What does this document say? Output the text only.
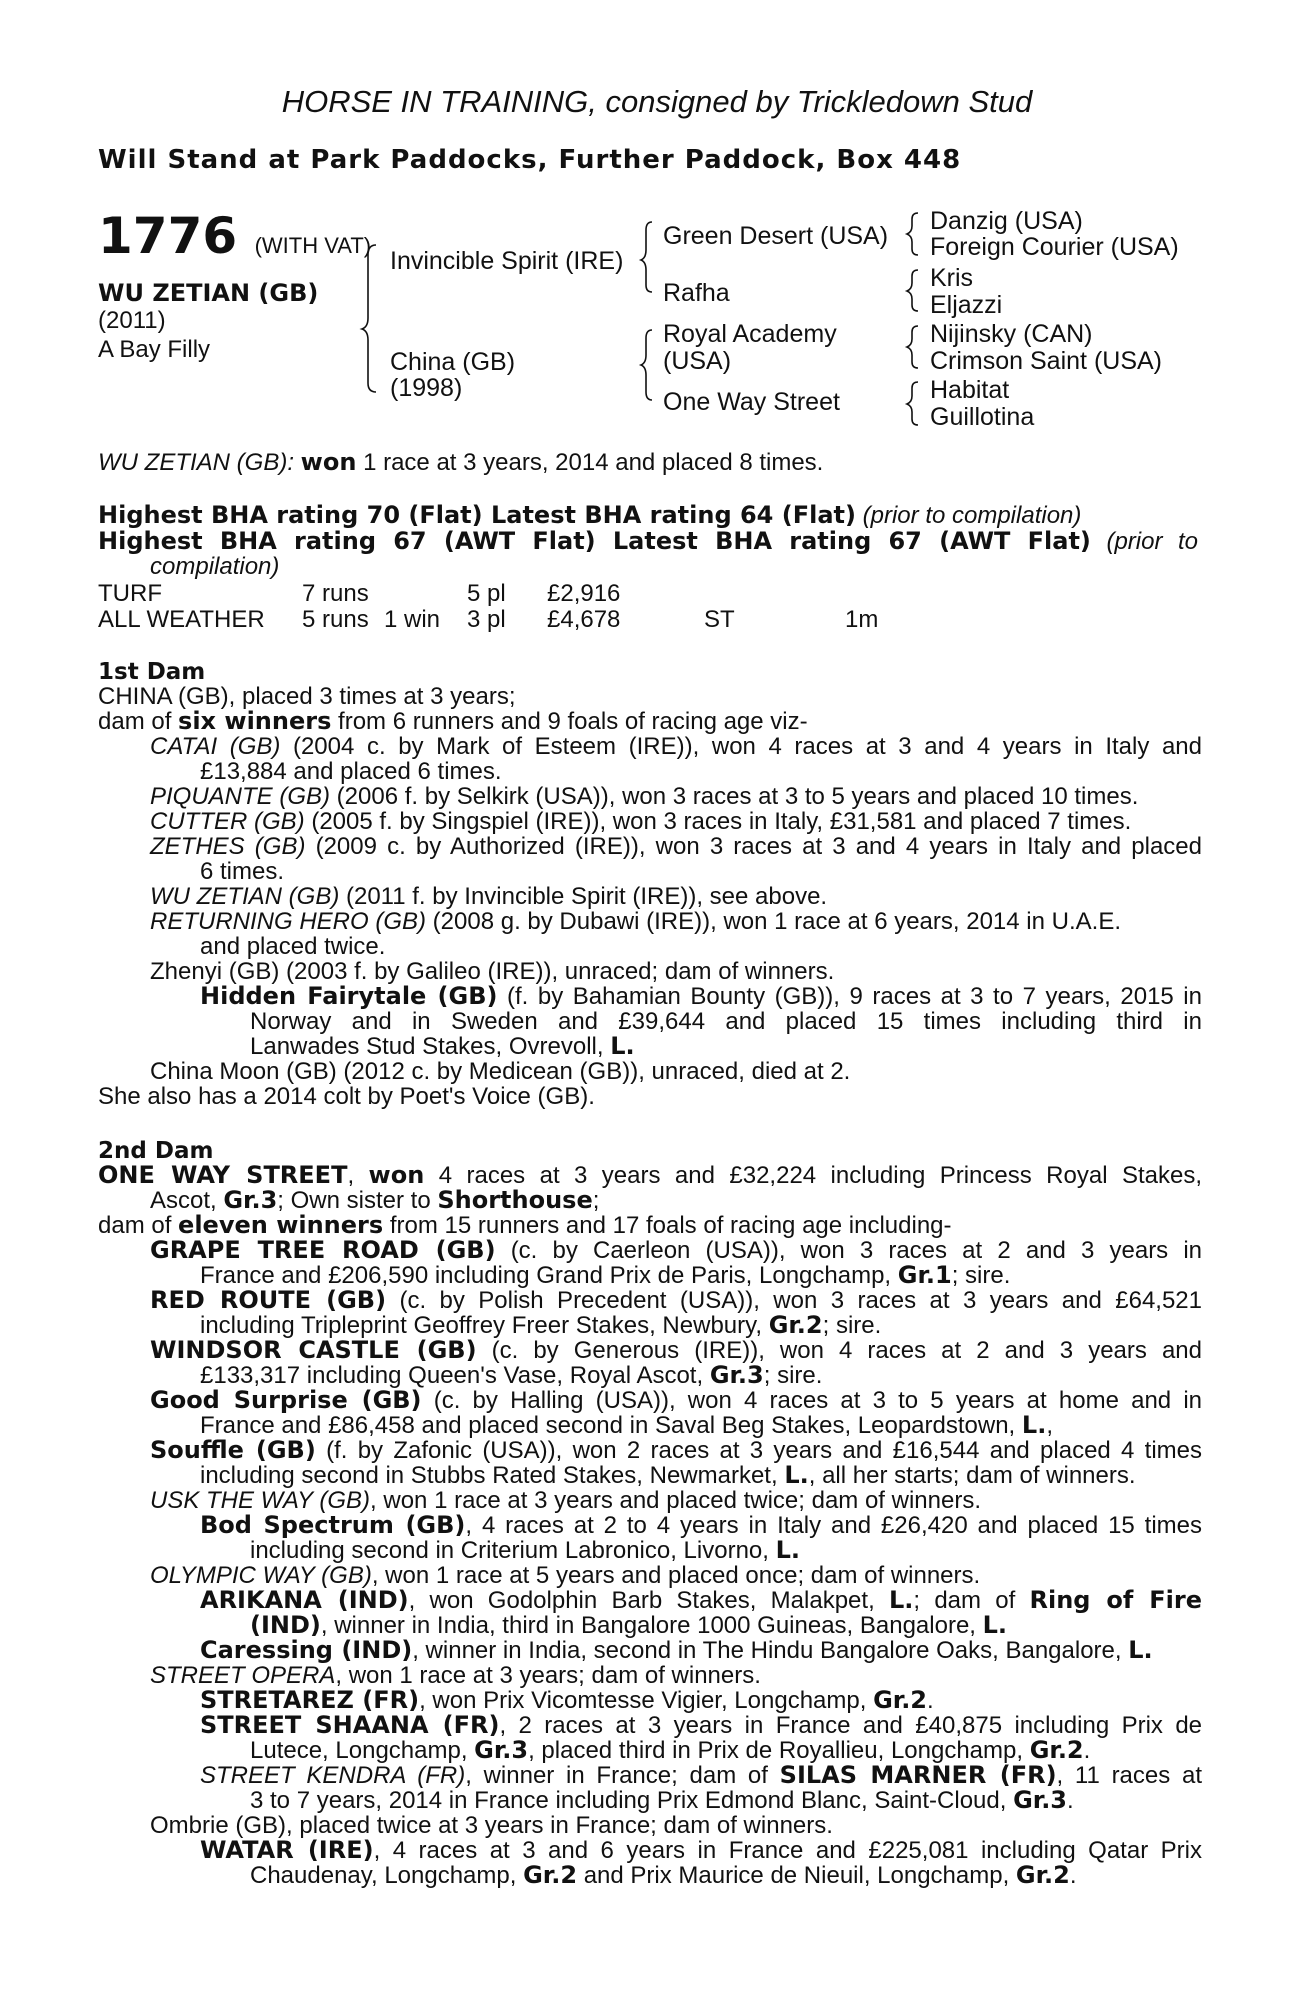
HORSE IN TRAINING, consigned by Trickledown Stud
Will Stand at Park Paddocks, Further Paddock, Box 448
1776 (WITH VAT)
WU ZETIAN (GB)
(2011)
A Bay Filly
Invincible Spirit (IRE)
China (GB)
(1998)
Green Desert (USA)
Rafha
Royal Academy
(USA)
One Way Street
Danzig (USA)
Foreign Courier (USA)
Kris
Eljazzi
Nijinsky (CAN)
Crimson Saint (USA)
Habitat
Guillotina
WU ZETIAN (GB): won 1 race at 3 years, 2014 and placed 8 times.
Highest BHA rating 70 (Flat) Latest BHA rating 64 (Flat) (prior to compilation)
Highest BHA rating 67 (AWT Flat) Latest BHA rating 67 (AWT Flat) (prior to
compilation)
TURF	7 runs	5 pl £2,916
ALL WEATHER 5 runs 1 win 3 pl £4,678	ST	1m
1st Dam
CHINA (GB), placed 3 times at 3 years;
dam of six winners from 6 runners and 9 foals of racing age viz-
CATAI (GB) (2004 c. by Mark of Esteem (IRE)), won 4 races at 3 and 4 years in Italy and
£13,884 and placed 6 times.
PIQUANTE (GB) (2006 f. by Selkirk (USA)), won 3 races at 3 to 5 years and placed 10 times.
CUTTER (GB) (2005 f. by Singspiel (IRE)), won 3 races in Italy, £31,581 and placed 7 times.
ZETHES (GB) (2009 c. by Authorized (IRE)), won 3 races at 3 and 4 years in Italy and placed
6 times.
WU ZETIAN (GB) (2011 f. by Invincible Spirit (IRE)), see above.
RETURNING HERO (GB) (2008 g. by Dubawi (IRE)), won 1 race at 6 years, 2014 in U.A.E.
and placed twice.
Zhenyi (GB) (2003 f. by Galileo (IRE)), unraced; dam of winners.
Hidden Fairytale (GB) (f. by Bahamian Bounty (GB)), 9 races at 3 to 7 years, 2015 in
Norway and in Sweden and £39,644 and placed 15 times including third in
Lanwades Stud Stakes, Ovrevoll, L.
China Moon (GB) (2012 c. by Medicean (GB)), unraced, died at 2.
She also has a 2014 colt by Poet's Voice (GB).
2nd Dam
ONE WAY STREET, won 4 races at 3 years and £32,224 including Princess Royal Stakes,
Ascot, Gr.3; Own sister to Shorthouse;
dam of eleven winners from 15 runners and 17 foals of racing age including-
GRAPE TREE ROAD (GB) (c. by Caerleon (USA)), won 3 races at 2 and 3 years in
France and £206,590 including Grand Prix de Paris, Longchamp, Gr.1; sire.
RED ROUTE (GB) (c. by Polish Precedent (USA)), won 3 races at 3 years and £64,521
including Tripleprint Geoffrey Freer Stakes, Newbury, Gr.2; sire.
WINDSOR CASTLE (GB) (c. by Generous (IRE)), won 4 races at 2 and 3 years and
£133,317 including Queen's Vase, Royal Ascot, Gr.3; sire.
Good Surprise (GB) (c. by Halling (USA)), won 4 races at 3 to 5 years at home and in
France and £86,458 and placed second in Saval Beg Stakes, Leopardstown, L.,
Souffle (GB) (f. by Zafonic (USA)), won 2 races at 3 years and £16,544 and placed 4 times
including second in Stubbs Rated Stakes, Newmarket, L., all her starts; dam of winners.
USK THE WAY (GB), won 1 race at 3 years and placed twice; dam of winners.
Bod Spectrum (GB), 4 races at 2 to 4 years in Italy and £26,420 and placed 15 times
including second in Criterium Labronico, Livorno, L.
OLYMPIC WAY (GB), won 1 race at 5 years and placed once; dam of winners.
ARIKANA (IND), won Godolphin Barb Stakes, Malakpet, L.; dam of Ring of Fire
(IND), winner in India, third in Bangalore 1000 Guineas, Bangalore, L.
Caressing (IND), winner in India, second in The Hindu Bangalore Oaks, Bangalore, L.
STREET OPERA, won 1 race at 3 years; dam of winners.
STRETAREZ (FR), won Prix Vicomtesse Vigier, Longchamp, Gr.2.
STREET SHAANA (FR), 2 races at 3 years in France and £40,875 including Prix de
Lutece, Longchamp, Gr.3, placed third in Prix de Royallieu, Longchamp, Gr.2.
STREET KENDRA (FR), winner in France; dam of SILAS MARNER (FR), 11 races at
3 to 7 years, 2014 in France including Prix Edmond Blanc, Saint-Cloud, Gr.3.
Ombrie (GB), placed twice at 3 years in France; dam of winners.
WATAR (IRE), 4 races at 3 and 6 years in France and £225,081 including Qatar Prix
Chaudenay, Longchamp, Gr.2 and Prix Maurice de Nieuil, Longchamp, Gr.2.
